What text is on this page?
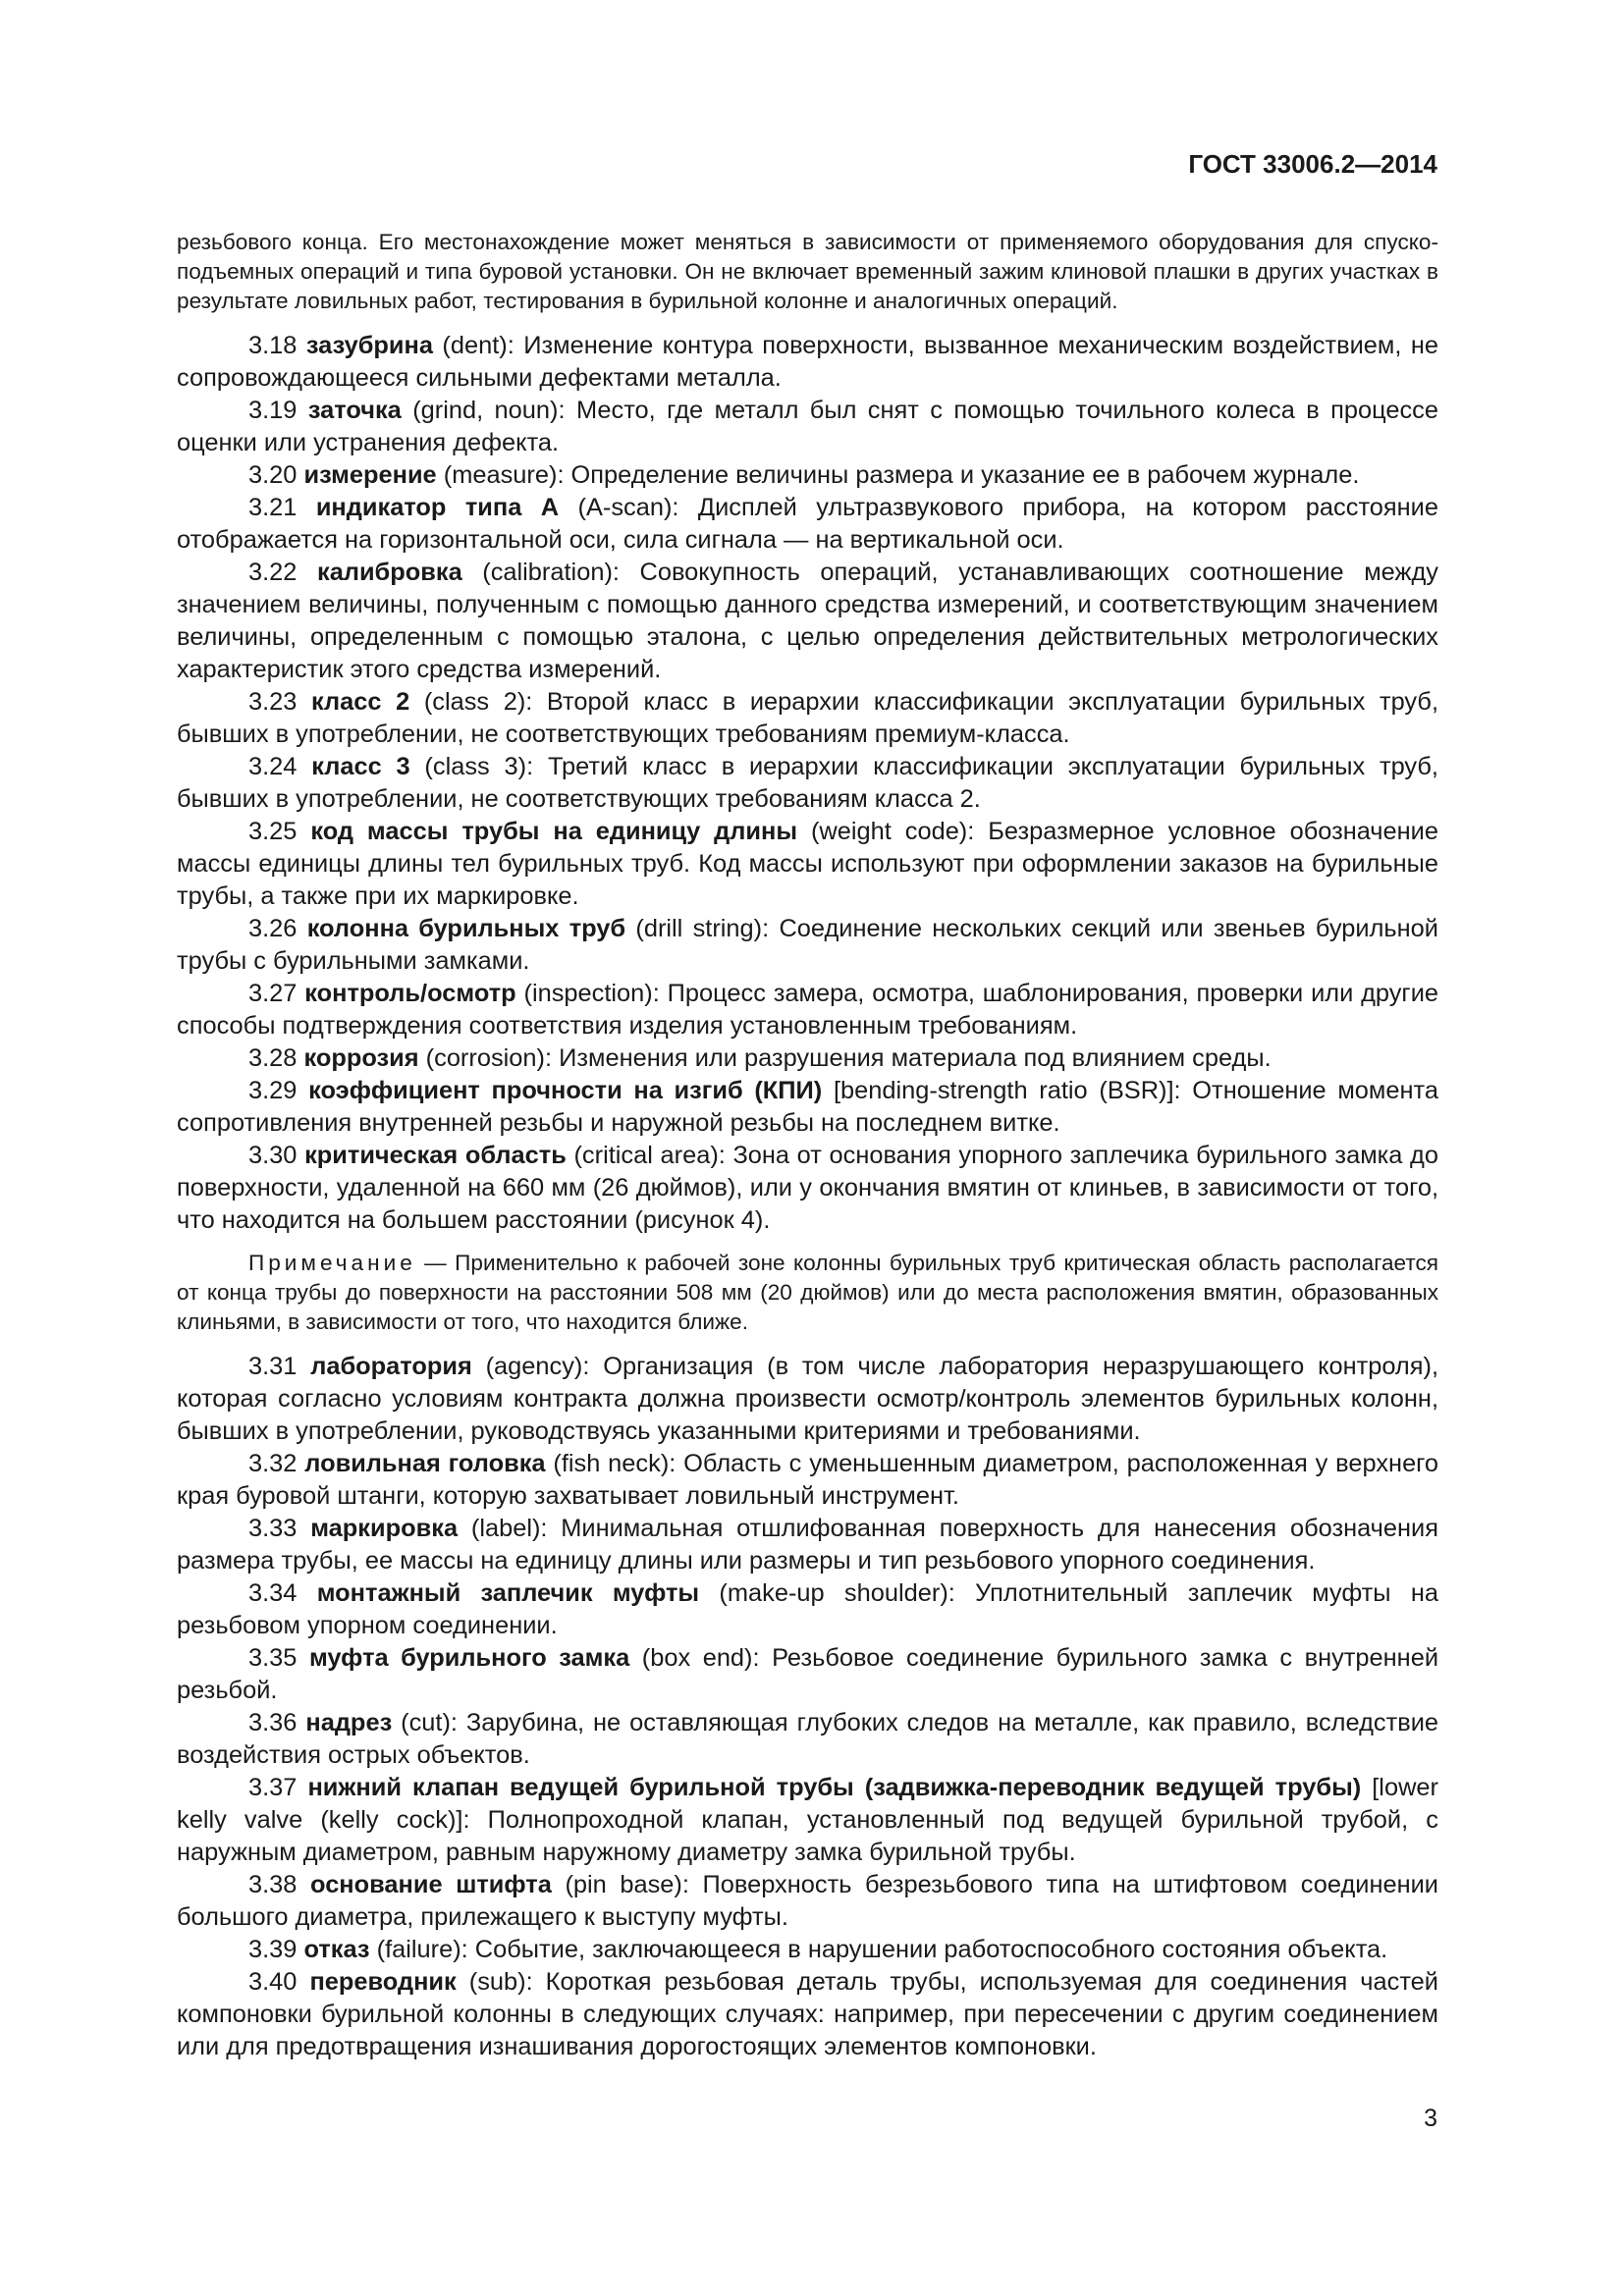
ГОСТ 33006.2—2014

резьбового конца. Его местонахождение может меняться в зависимости от применяемого оборудования для спуско-подъемных операций и типа буровой установки. Он не включает временный зажим клиновой плашки в других участках в результате ловильных работ, тестирования в бурильной колонне и аналогичных операций.

3.18 зазубрина (dent): Изменение контура поверхности, вызванное механическим воздействием, не сопровождающееся сильными дефектами металла.

3.19 заточка (grind, noun): Место, где металл был снят с помощью точильного колеса в процессе оценки или устранения дефекта.

3.20 измерение (measure): Определение величины размера и указание ее в рабочем журнале.

3.21 индикатор типа А (A-scan): Дисплей ультразвукового прибора, на котором расстояние отображается на горизонтальной оси, сила сигнала — на вертикальной оси.

3.22 калибровка (calibration): Совокупность операций, устанавливающих соотношение между значением величины, полученным с помощью данного средства измерений, и соответствующим значением величины, определенным с помощью эталона, с целью определения действительных метрологических характеристик этого средства измерений.

3.23 класс 2 (class 2): Второй класс в иерархии классификации эксплуатации бурильных труб, бывших в употреблении, не соответствующих требованиям премиум-класса.

3.24 класс 3 (class 3): Третий класс в иерархии классификации эксплуатации бурильных труб, бывших в употреблении, не соответствующих требованиям класса 2.

3.25 код массы трубы на единицу длины (weight code): Безразмерное условное обозначение массы единицы длины тел бурильных труб. Код массы используют при оформлении заказов на бурильные трубы, а также при их маркировке.

3.26 колонна бурильных труб (drill string): Соединение нескольких секций или звеньев бурильной трубы с бурильными замками.

3.27 контроль/осмотр (inspection): Процесс замера, осмотра, шаблонирования, проверки или другие способы подтверждения соответствия изделия установленным требованиям.

3.28 коррозия (corrosion): Изменения или разрушения материала под влиянием среды.

3.29 коэффициент прочности на изгиб (КПИ) [bending-strength ratio (BSR)]: Отношение момента сопротивления внутренней резьбы и наружной резьбы на последнем витке.

3.30 критическая область (critical area): Зона от основания упорного заплечика бурильного замка до поверхности, удаленной на 660 мм (26 дюймов), или у окончания вмятин от клиньев, в зависимости от того, что находится на большем расстоянии (рисунок 4).

Примечание — Применительно к рабочей зоне колонны бурильных труб критическая область располагается от конца трубы до поверхности на расстоянии 508 мм (20 дюймов) или до места расположения вмятин, образованных клиньями, в зависимости от того, что находится ближе.

3.31 лаборатория (agency): Организация (в том числе лаборатория неразрушающего контроля), которая согласно условиям контракта должна произвести осмотр/контроль элементов бурильных колонн, бывших в употреблении, руководствуясь указанными критериями и требованиями.

3.32 ловильная головка (fish neck): Область с уменьшенным диаметром, расположенная у верхнего края буровой штанги, которую захватывает ловильный инструмент.

3.33 маркировка (label): Минимальная отшлифованная поверхность для нанесения обозначения размера трубы, ее массы на единицу длины или размеры и тип резьбового упорного соединения.

3.34 монтажный заплечик муфты (make-up shoulder): Уплотнительный заплечик муфты на резьбовом упорном соединении.

3.35 муфта бурильного замка (box end): Резьбовое соединение бурильного замка с внутренней резьбой.

3.36 надрез (cut): Зарубина, не оставляющая глубоких следов на металле, как правило, вследствие воздействия острых объектов.

3.37 нижний клапан ведущей бурильной трубы (задвижка-переводник ведущей трубы) [lower kelly valve (kelly cock)]: Полнопроходной клапан, установленный под ведущей бурильной трубой, с наружным диаметром, равным наружному диаметру замка бурильной трубы.

3.38 основание штифта (pin base): Поверхность безрезьбового типа на штифтовом соединении большого диаметра, прилежащего к выступу муфты.

3.39 отказ (failure): Событие, заключающееся в нарушении работоспособного состояния объекта.

3.40 переводник (sub): Короткая резьбовая деталь трубы, используемая для соединения частей компоновки бурильной колонны в следующих случаях: например, при пересечении с другим соединением или для предотвращения изнашивания дорогостоящих элементов компоновки.

3
